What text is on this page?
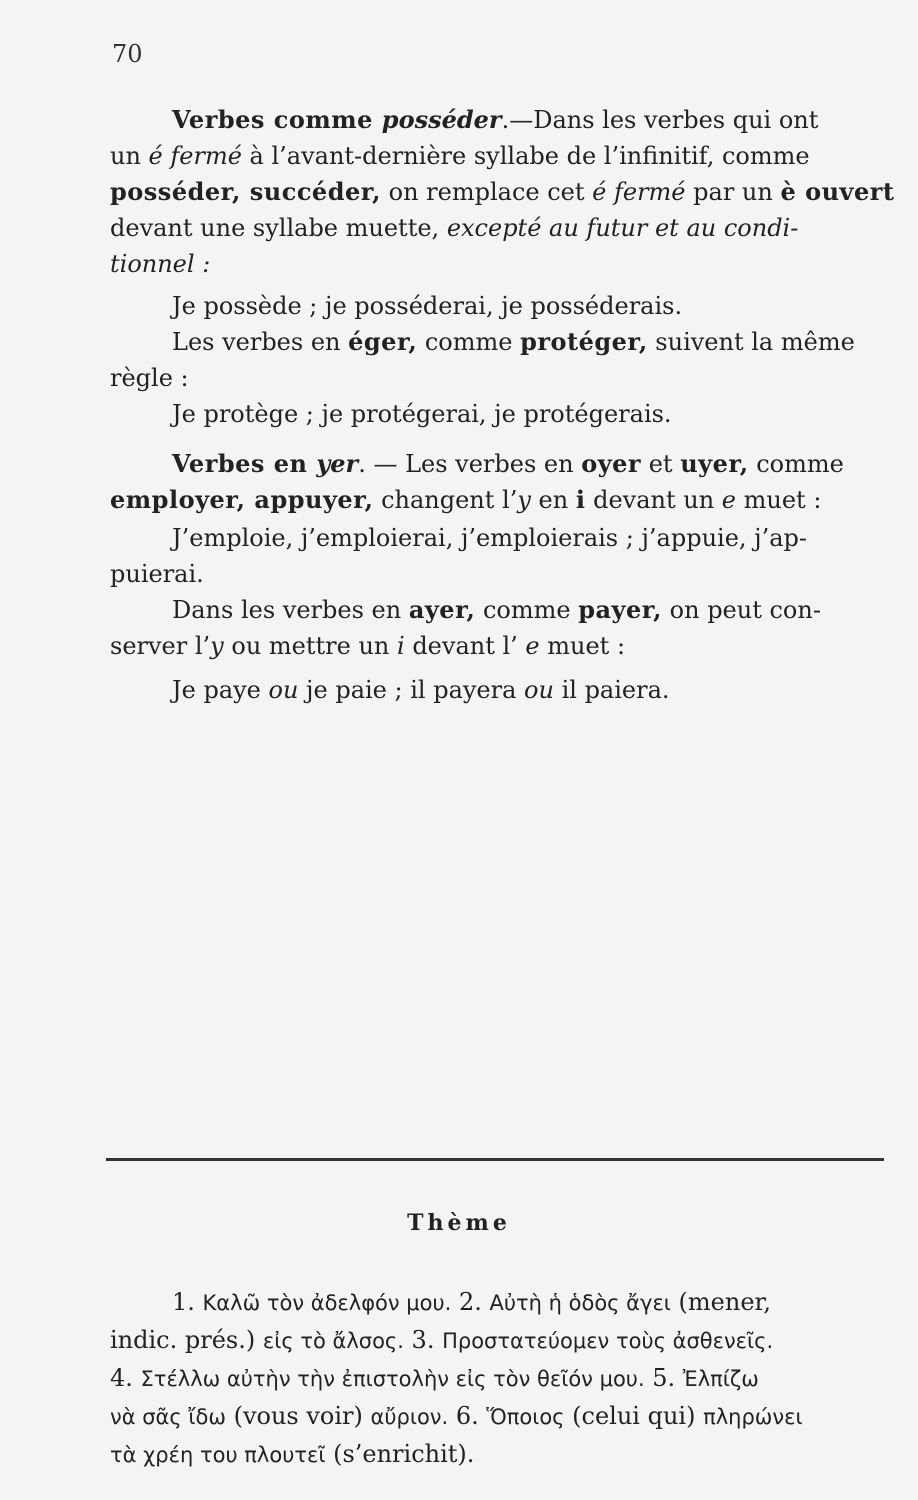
70
Verbes comme posséder.—Dans les verbes qui ont
un é fermé à l’avant-dernière syllabe de l’infinitif, comme
posséder, succéder, on remplace cet é fermé par un è ouvert
devant une syllabe muette, excepté au futur et au condi-
tionnel :
Je possède ; je posséderai, je posséderais.
Les verbes en éger, comme protéger, suivent la même
règle :
Je protège ; je protégerai, je protégerais.
Verbes en yer. — Les verbes en oyer et uyer, comme
employer, appuyer, changent l’y en i devant un e muet :
J’emploie, j’emploierai, j’emploierais ; j’appuie, j’ap-
puierai.
Dans les verbes en ayer, comme payer, on peut con-
server l’y ou mettre un i devant l’ e muet :
Je paye ou je paie ; il payera ou il paiera.
Thème
1. Καλῶ τὸν ἀδελφόν μου. 2. Αὐτὴ ἡ ὁδὸς ἄγει (mener,
indic. prés.) εἰς τὸ ἄλσος. 3. Προστατεύομεν τοὺς ἀσθενεῖς.
4. Στέλλω αὐτὴν τὴν ἐπιστολὴν εἰς τὸν θεῖόν μου. 5. Ἐλπίζω
νὰ σᾶς ἴδω (vous voir) αὔριον. 6. Ὅποιος (celui qui) πληρώνει
τὰ χρέη του πλουτεῖ (s’enrichit).
